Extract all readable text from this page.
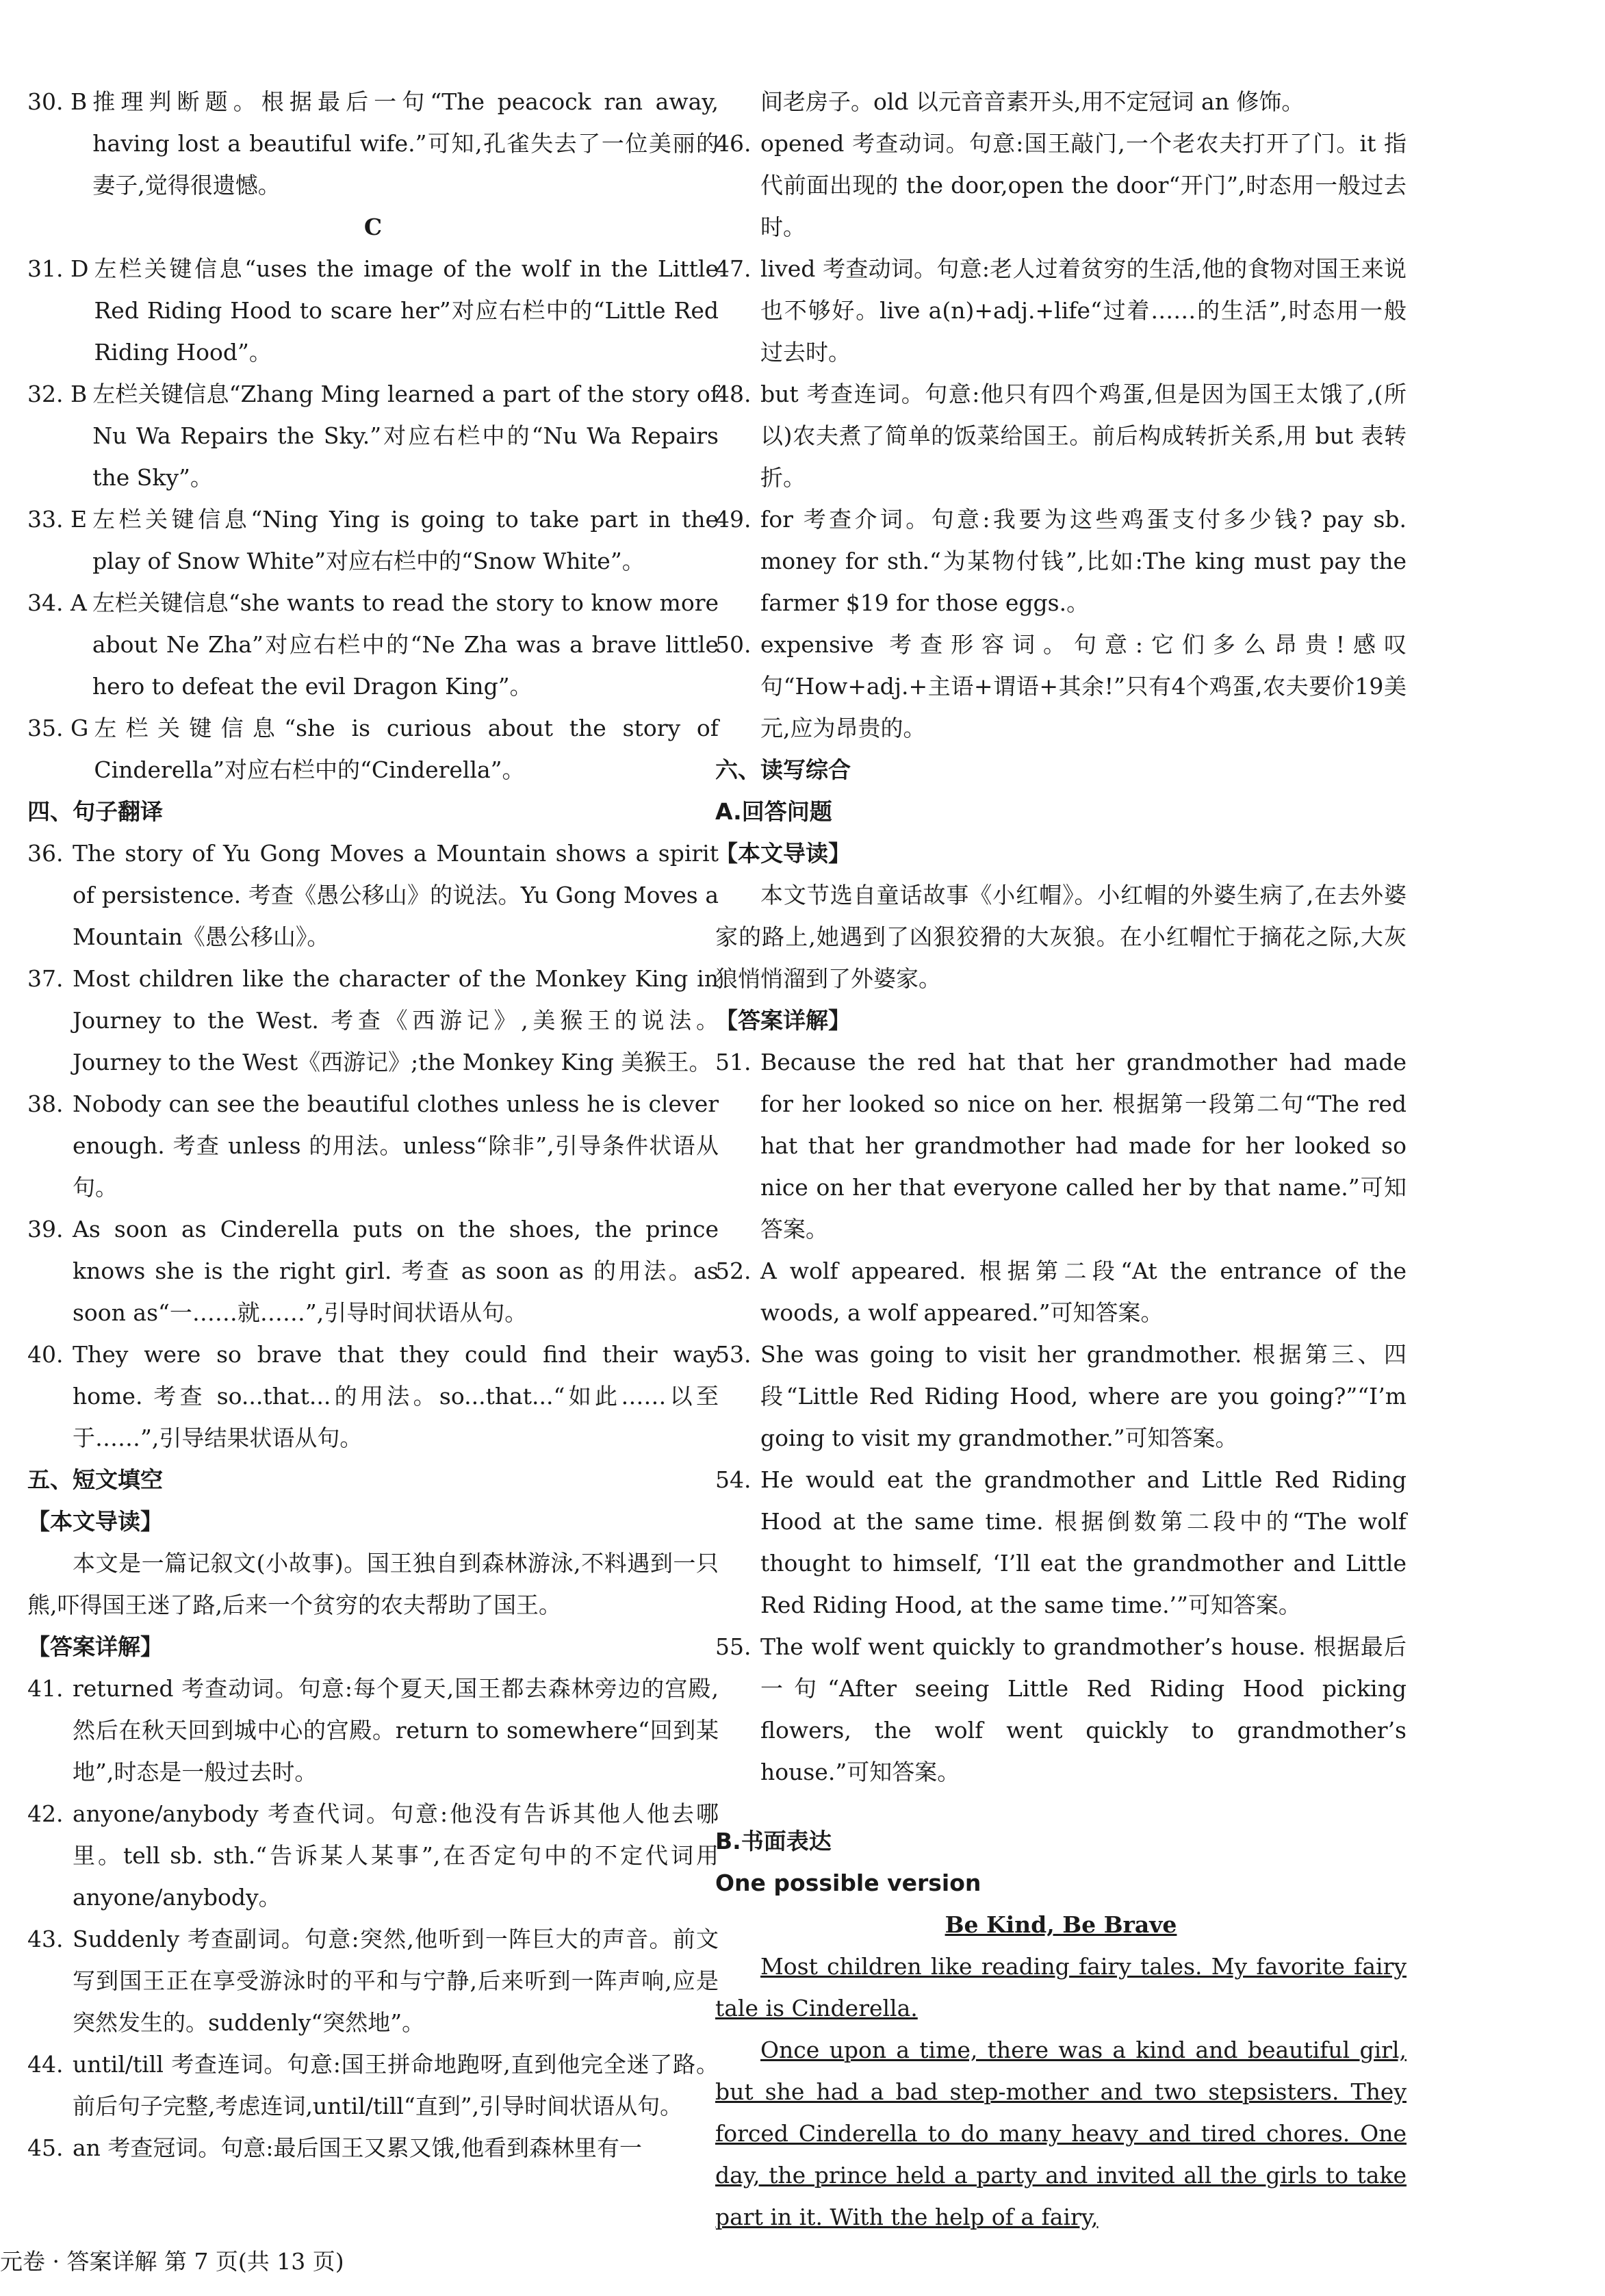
30. B 推理判断题。根据最后一句“The peacock ran away, having lost a beautiful wife.”可知,孔雀失去了一位美丽的妻子,觉得很遗憾。
C
31. D 左栏关键信息“uses the image of the wolf in the Little Red Riding Hood to scare her”对应右栏中的“Little Red Riding Hood”。
32. B 左栏关键信息“Zhang Ming learned a part of the story of Nu Wa Repairs the Sky.”对应右栏中的“Nu Wa Repairs the Sky”。
33. E 左栏关键信息“Ning Ying is going to take part in the play of Snow White”对应右栏中的“Snow White”。
34. A 左栏关键信息“she wants to read the story to know more about Ne Zha”对应右栏中的“Ne Zha was a brave little hero to defeat the evil Dragon King”。
35. G 左栏关键信息“she is curious about the story of Cinderella”对应右栏中的“Cinderella”。
四、句子翻译
36. The story of Yu Gong Moves a Mountain shows a spirit of persistence. 考查《愚公移山》的说法。Yu Gong Moves a Mountain《愚公移山》。
37. Most children like the character of the Monkey King in Journey to the West. 考查《西游记》,美猴王的说法。Journey to the West《西游记》;the Monkey King 美猴王。
38. Nobody can see the beautiful clothes unless he is clever enough. 考查 unless 的用法。unless“除非”,引导条件状语从句。
39. As soon as Cinderella puts on the shoes, the prince knows she is the right girl. 考查 as soon as 的用法。as soon as“一……就……”,引导时间状语从句。
40. They were so brave that they could find their way home. 考查 so...that...的用法。so...that...“如此……以至于……”,引导结果状语从句。
五、短文填空
【本文导读】
本文是一篇记叙文(小故事)。国王独自到森林游泳,不料遇到一只熊,吓得国王迷了路,后来一个贫穷的农夫帮助了国王。
【答案详解】
41. returned 考查动词。句意:每个夏天,国王都去森林旁边的宫殿,然后在秋天回到城中心的宫殿。return to somewhere“回到某地”,时态是一般过去时。
42. anyone/anybody 考查代词。句意:他没有告诉其他人他去哪里。tell sb. sth.“告诉某人某事”,在否定句中的不定代词用 anyone/anybody。
43. Suddenly 考查副词。句意:突然,他听到一阵巨大的声音。前文写到国王正在享受游泳时的平和与宁静,后来听到一阵声响,应是突然发生的。suddenly“突然地”。
44. until/till 考查连词。句意:国王拼命地跑呀,直到他完全迷了路。前后句子完整,考虑连词,until/till“直到”,引导时间状语从句。
45. an 考查冠词。句意:最后国王又累又饿,他看到森林里有一
间老房子。old 以元音音素开头,用不定冠词 an 修饰。
46. opened 考查动词。句意:国王敲门,一个老农夫打开了门。it 指代前面出现的 the door,open the door“开门”,时态用一般过去时。
47. lived 考查动词。句意:老人过着贫穷的生活,他的食物对国王来说也不够好。live a(n)+adj.+life“过着……的生活”,时态用一般过去时。
48. but 考查连词。句意:他只有四个鸡蛋,但是因为国王太饿了,(所以)农夫煮了简单的饭菜给国王。前后构成转折关系,用 but 表转折。
49. for 考查介词。句意:我要为这些鸡蛋支付多少钱? pay sb. money for sth.“为某物付钱”,比如:The king must pay the farmer $19 for those eggs.。
50. expensive 考查形容词。句意:它们多么昂贵!感叹句“How+adj.+主语+谓语+其余!”只有4个鸡蛋,农夫要价19美元,应为昂贵的。
六、读写综合
A.回答问题
【本文导读】
本文节选自童话故事《小红帽》。小红帽的外婆生病了,在去外婆家的路上,她遇到了凶狠狡猾的大灰狼。在小红帽忙于摘花之际,大灰狼悄悄溜到了外婆家。
【答案详解】
51. Because the red hat that her grandmother had made for her looked so nice on her. 根据第一段第二句“The red hat that her grandmother had made for her looked so nice on her that everyone called her by that name.”可知答案。
52. A wolf appeared. 根据第二段“At the entrance of the woods, a wolf appeared.”可知答案。
53. She was going to visit her grandmother. 根据第三、四段“Little Red Riding Hood, where are you going?”“I’m going to visit my grandmother.”可知答案。
54. He would eat the grandmother and Little Red Riding Hood at the same time. 根据倒数第二段中的“The wolf thought to himself, ‘I’ll eat the grandmother and Little Red Riding Hood, at the same time.’”可知答案。
55. The wolf went quickly to grandmother’s house. 根据最后一句“After seeing Little Red Riding Hood picking flowers, the wolf went quickly to grandmother’s house.”可知答案。
B.书面表达
One possible version
Be Kind, Be Brave
Most children like reading fairy tales. My favorite fairy tale is Cinderella.
Once upon a time, there was a kind and beautiful girl, but she had a bad step-mother and two stepsisters. They forced Cinderella to do many heavy and tired chores. One day, the prince held a party and invited all the girls to take part in it. With the help of a fairy,
元卷 · 答案详解 第 7 页(共 13 页)
